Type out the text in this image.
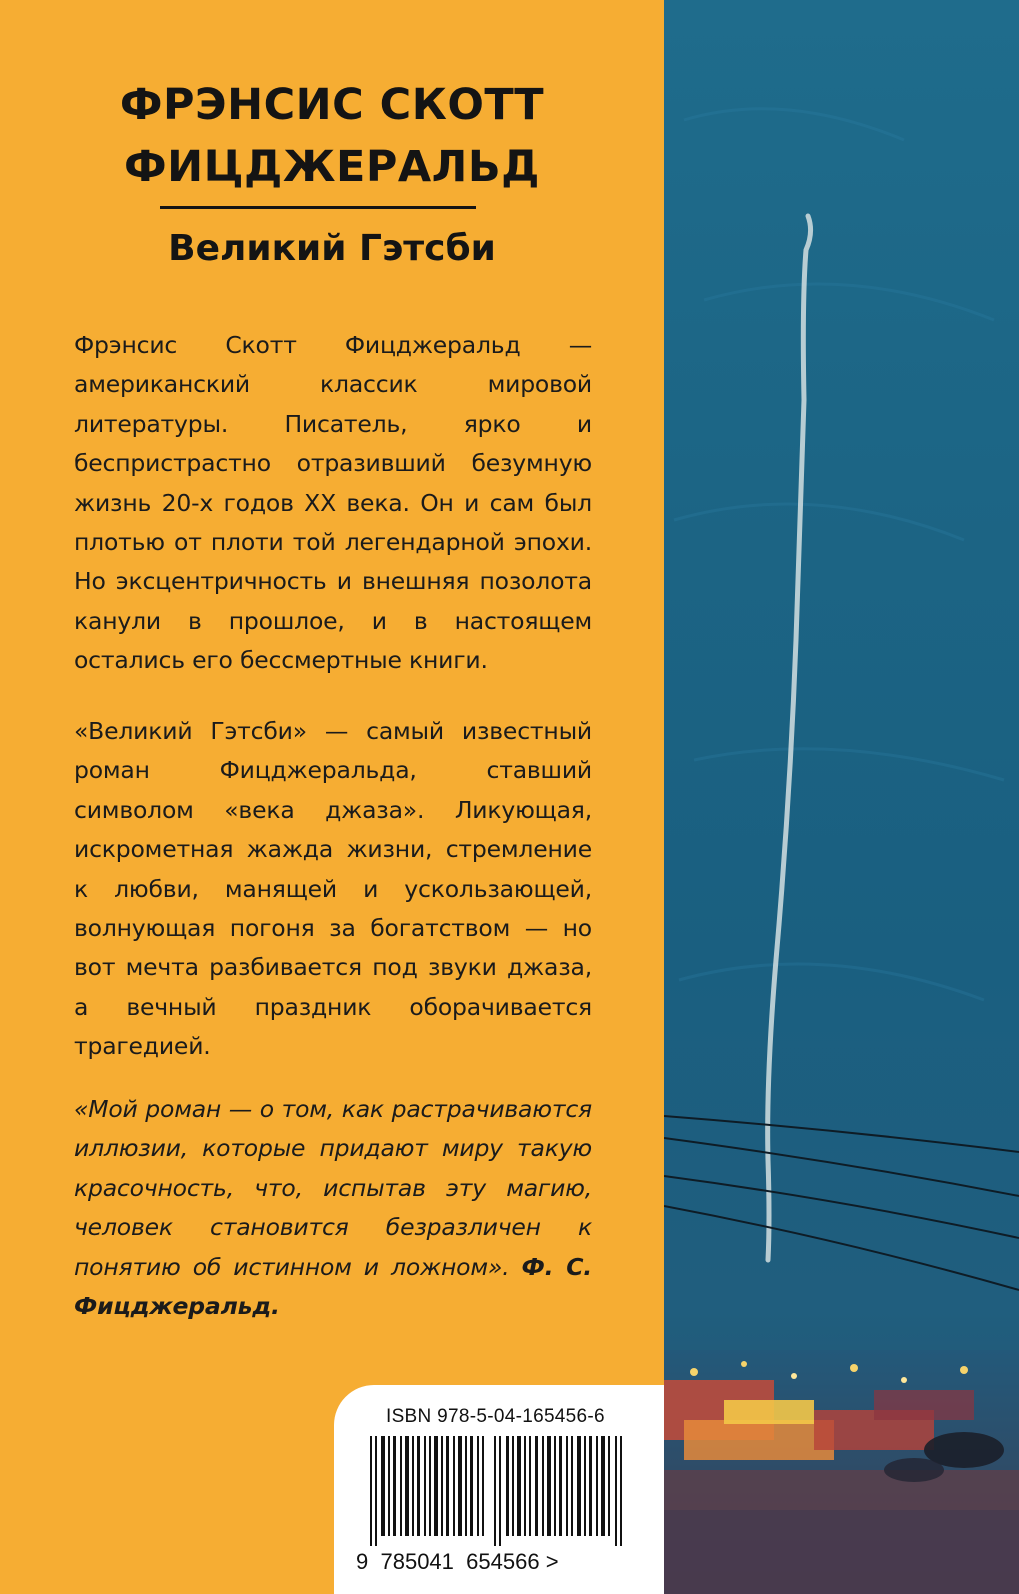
ФРЭНСИС СКОТТ
ФИЦДЖЕРАЛЬД
Великий Гэтсби

Фрэнсис Скотт Фицджеральд — американский классик мировой литературы. Писатель, ярко и беспристрастно отразивший безумную жизнь 20-х годов XX века. Он и сам был плотью от плоти той легендарной эпохи. Но эксцентричность и внешняя позолота канули в прошлое, и в настоящем остались его бессмертные книги.

«Великий Гэтсби» — самый известный роман Фицджеральда, ставший символом «века джаза». Ликующая, искрометная жажда жизни, стремление к любви, манящей и ускользающей, волнующая погоня за богатством — но вот мечта разбивается под звуки джаза, а вечный праздник оборачивается трагедией.

«Мой роман — о том, как растрачиваются иллюзии, которые придают миру такую красочность, что, испытав эту магию, человек становится безразличен к понятию об истинном и ложном». Ф. С. Фицджеральд.

ISBN 978-5-04-165456-6
9 785041 654566 >
